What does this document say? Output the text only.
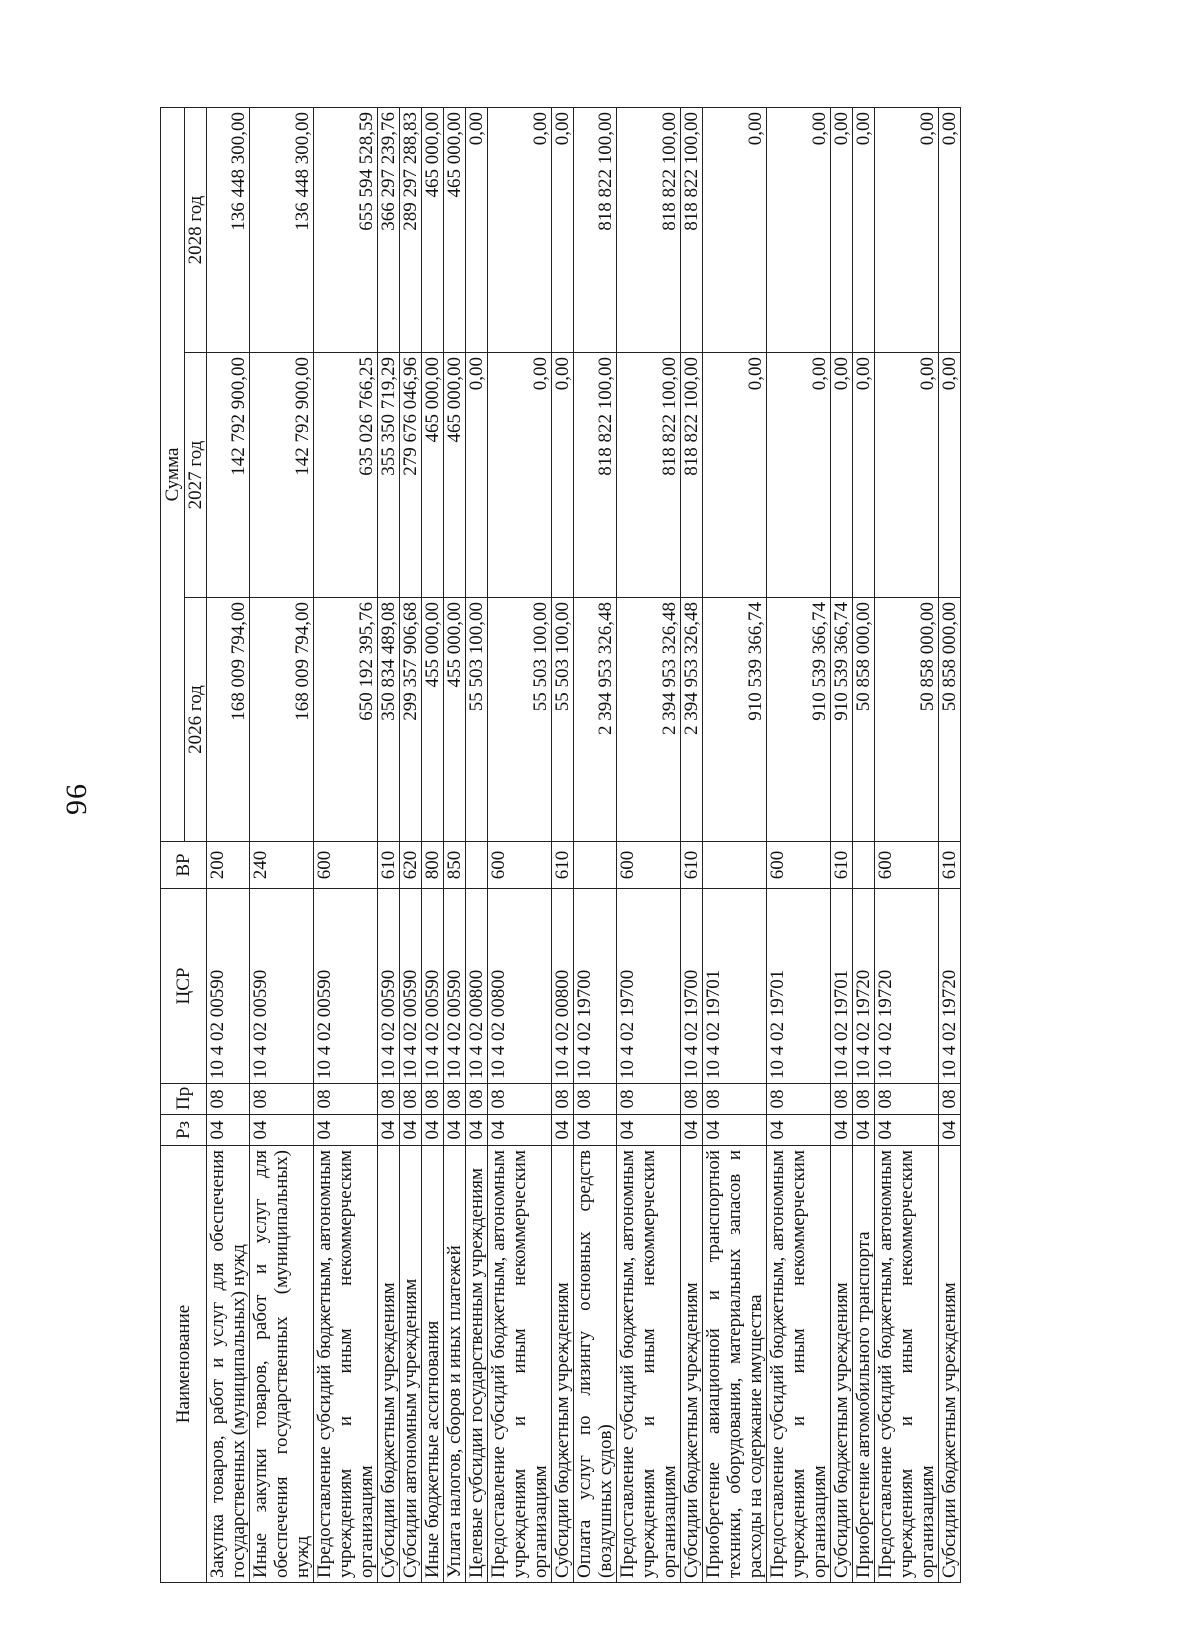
96
Наименование	Рз	Пр	ЦСР	ВР	Сумма		
					2026 год	2027 год	2028 год
Закупка товаров, работ и услуг для обеспечения государственных (муниципальных) нужд	04	08	10 4 02 00590	200	168 009 794,00	142 792 900,00	136 448 300,00
Иные закупки товаров, работ и услуг для обеспечения государственных (муниципальных) нужд	04	08	10 4 02 00590	240	168 009 794,00	142 792 900,00	136 448 300,00
Предоставление субсидий бюджетным, автономным учреждениям и иным некоммерческим организациям	04	08	10 4 02 00590	600	650 192 395,76	635 026 766,25	655 594 528,59
Субсидии бюджетным учреждениям	04	08	10 4 02 00590	610	350 834 489,08	355 350 719,29	366 297 239,76
Субсидии автономным учреждениям	04	08	10 4 02 00590	620	299 357 906,68	279 676 046,96	289 297 288,83
Иные бюджетные ассигнования	04	08	10 4 02 00590	800	455 000,00	465 000,00	465 000,00
Уплата налогов, сборов и иных платежей	04	08	10 4 02 00590	850	455 000,00	465 000,00	465 000,00
Целевые субсидии государственным учреждениям	04	08	10 4 02 00800		55 503 100,00	0,00	0,00
Предоставление субсидий бюджетным, автономным учреждениям и иным некоммерческим организациям	04	08	10 4 02 00800	600	55 503 100,00	0,00	0,00
Субсидии бюджетным учреждениям	04	08	10 4 02 00800	610	55 503 100,00	0,00	0,00
Оплата услуг по лизингу основных средств (воздушных судов)	04	08	10 4 02 19700		2 394 953 326,48	818 822 100,00	818 822 100,00
Предоставление субсидий бюджетным, автономным учреждениям и иным некоммерческим организациям	04	08	10 4 02 19700	600	2 394 953 326,48	818 822 100,00	818 822 100,00
Субсидии бюджетным учреждениям	04	08	10 4 02 19700	610	2 394 953 326,48	818 822 100,00	818 822 100,00
Приобретение авиационной и транспортной техники, оборудования, материальных запасов и расходы на содержание имущества	04	08	10 4 02 19701		910 539 366,74	0,00	0,00
Предоставление субсидий бюджетным, автономным учреждениям и иным некоммерческим организациям	04	08	10 4 02 19701	600	910 539 366,74	0,00	0,00
Субсидии бюджетным учреждениям	04	08	10 4 02 19701	610	910 539 366,74	0,00	0,00
Приобретение автомобильного транспорта	04	08	10 4 02 19720		50 858 000,00	0,00	0,00
Предоставление субсидий бюджетным, автономным учреждениям и иным некоммерческим организациям	04	08	10 4 02 19720	600	50 858 000,00	0,00	0,00
Субсидии бюджетным учреждениям	04	08	10 4 02 19720	610	50 858 000,00	0,00	0,00
